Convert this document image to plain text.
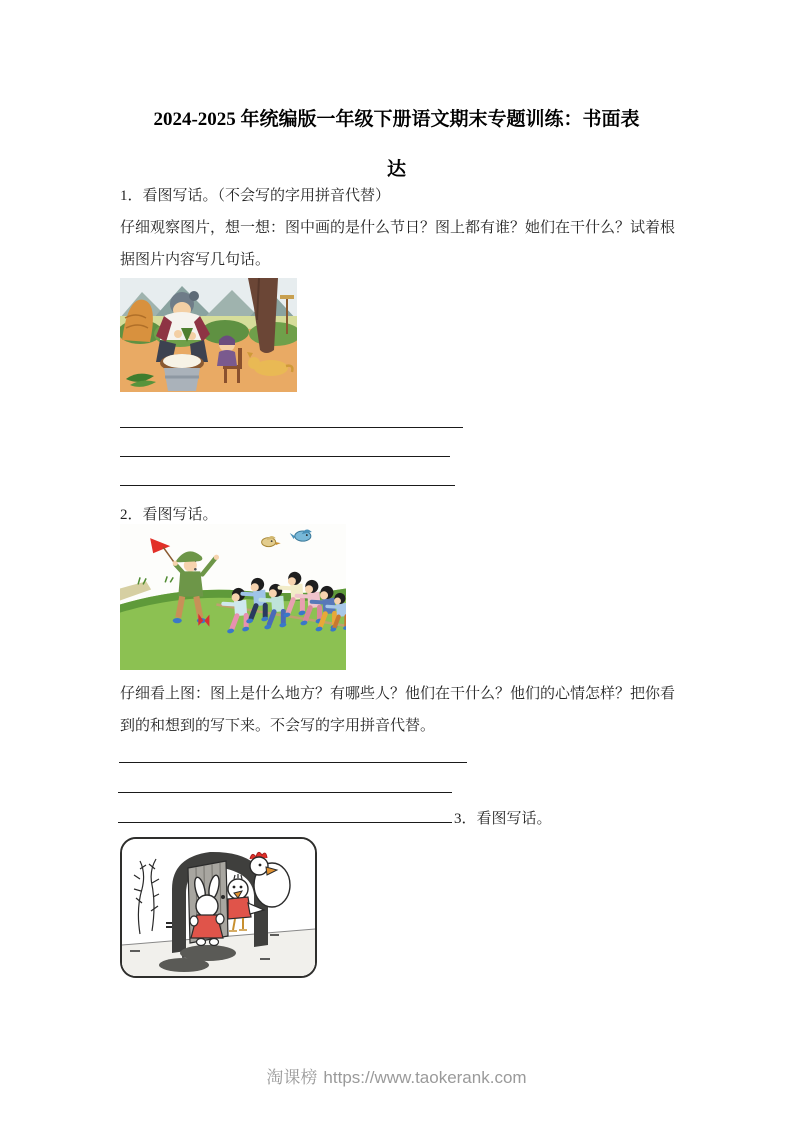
2024-2025 年统编版一年级下册语文期末专题训练：书面表
达

1．看图写话。（不会写的字用拼音代替）

仔细观察图片，想一想：图中画的是什么节日？图上都有谁？她们在干什么？试着根据图片内容写几句话。

2．看图写话。

仔细看上图：图上是什么地方？有哪些人？他们在干什么？他们的心情怎样？把你看到的和想到的写下来。不会写的字用拼音代替。

3．看图写话。
淘课榜 https://www.taokerank.com
